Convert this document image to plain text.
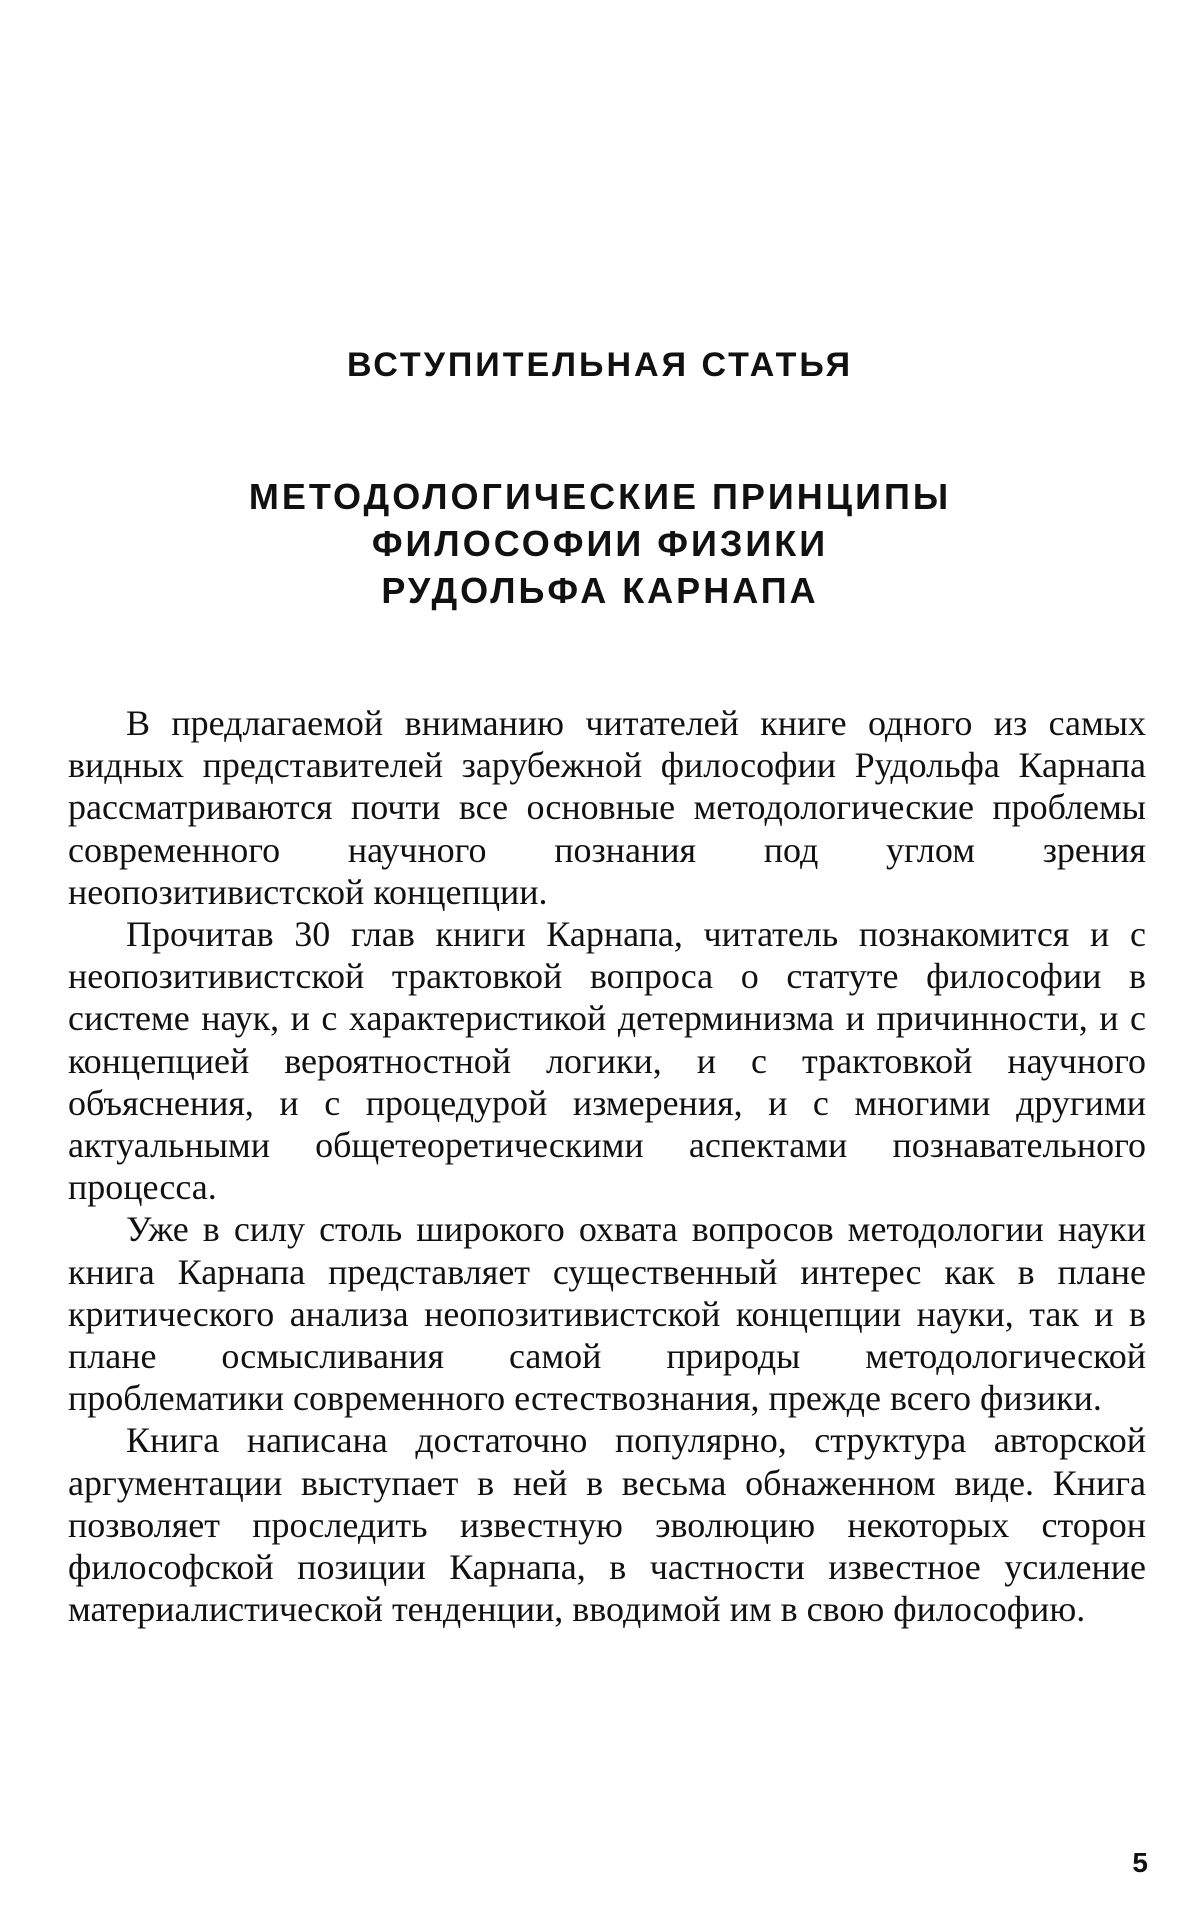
ВСТУПИТЕЛЬНАЯ СТАТЬЯ
МЕТОДОЛОГИЧЕСКИЕ ПРИНЦИПЫ
ФИЛОСОФИИ ФИЗИКИ
РУДОЛЬФА КАРНАПА

В предлагаемой вниманию читателей книге одного из самых видных представителей зарубежной философии Рудольфа Карнапа рассматриваются почти все основные методологические проблемы современного научного познания под углом зрения неопозитивистской концепции.

Прочитав 30 глав книги Карнапа, читатель познакомится и с неопозитивистской трактовкой вопроса о статуте философии в системе наук, и с характеристикой детерминизма и причинности, и с концепцией вероятностной логики, и с трактовкой научного объяснения, и с процедурой измерения, и с многими другими актуальными общетеоретическими аспектами познавательного процесса.

Уже в силу столь широкого охвата вопросов методологии науки книга Карнапа представляет существенный интерес как в плане критического анализа неопозитивистской концепции науки, так и в плане осмысливания самой природы методологической проблематики современного естествознания, прежде всего физики.

Книга написана достаточно популярно, структура авторской аргументации выступает в ней в весьма обнаженном виде. Книга позволяет проследить известную эволюцию некоторых сторон философской позиции Карнапа, в частности известное усиление материалистической тенденции, вводимой им в свою философию.

5
